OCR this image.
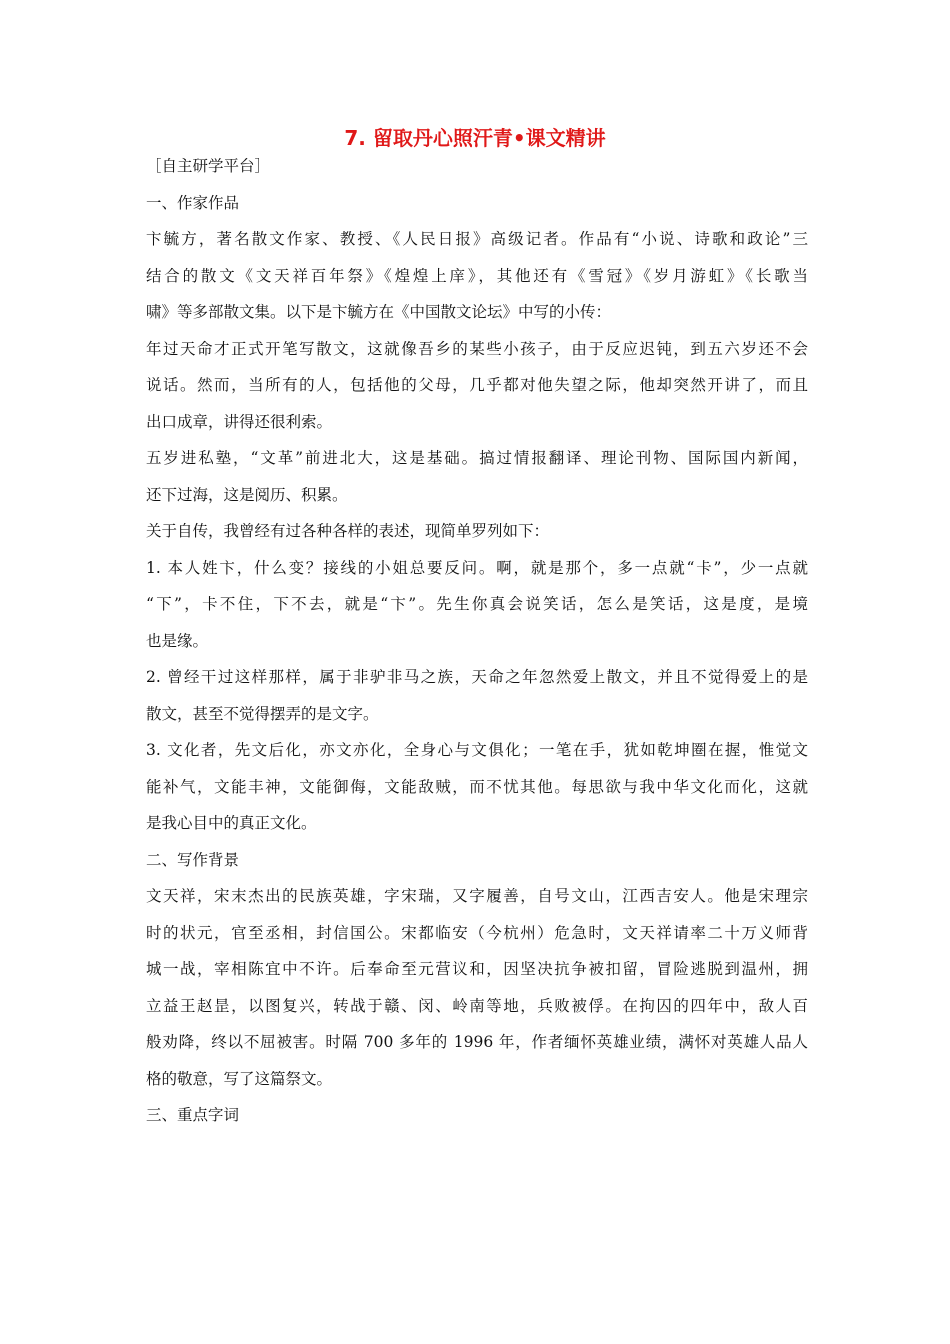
7. 留取丹心照汗青•课文精讲
［自主研学平台］
一、作家作品
卞毓方，著名散文作家、教授、《人民日报》高级记者。作品有“小说、诗歌和政论”三
结合的散文《文天祥百年祭》《煌煌上庠》，其他还有《雪冠》《岁月游虹》《长歌当
啸》等多部散文集。以下是卞毓方在《中国散文论坛》中写的小传：
年过天命才正式开笔写散文，这就像吾乡的某些小孩子，由于反应迟钝，到五六岁还不会
说话。然而，当所有的人，包括他的父母，几乎都对他失望之际，他却突然开讲了，而且
出口成章，讲得还很利索。
五岁进私塾，“文革”前进北大，这是基础。搞过情报翻译、理论刊物、国际国内新闻，
还下过海，这是阅历、积累。
关于自传，我曾经有过各种各样的表述，现简单罗列如下：
1. 本人姓卞，什么变？接线的小姐总要反问。啊，就是那个，多一点就“卡”，少一点就
“下”，卡不住，下不去，就是“卞”。先生你真会说笑话，怎么是笑话，这是度，是境
也是缘。
2. 曾经干过这样那样，属于非驴非马之族，天命之年忽然爱上散文，并且不觉得爱上的是
散文，甚至不觉得摆弄的是文字。
3. 文化者，先文后化，亦文亦化，全身心与文俱化；一笔在手，犹如乾坤圈在握，惟觉文
能补气，文能丰神，文能御侮，文能敌贼，而不忧其他。每思欲与我中华文化而化，这就
是我心目中的真正文化。
二、写作背景
文天祥，宋末杰出的民族英雄，字宋瑞，又字履善，自号文山，江西吉安人。他是宋理宗
时的状元，官至丞相，封信国公。宋都临安（今杭州）危急时，文天祥请率二十万义师背
城一战，宰相陈宜中不许。后奉命至元营议和，因坚决抗争被扣留，冒险逃脱到温州，拥
立益王赵昰，以图复兴，转战于赣、闵、岭南等地，兵败被俘。在拘囚的四年中，敌人百
般劝降，终以不屈被害。时隔 700 多年的 1996 年，作者缅怀英雄业绩，满怀对英雄人品人
格的敬意，写了这篇祭文。
三、重点字词
